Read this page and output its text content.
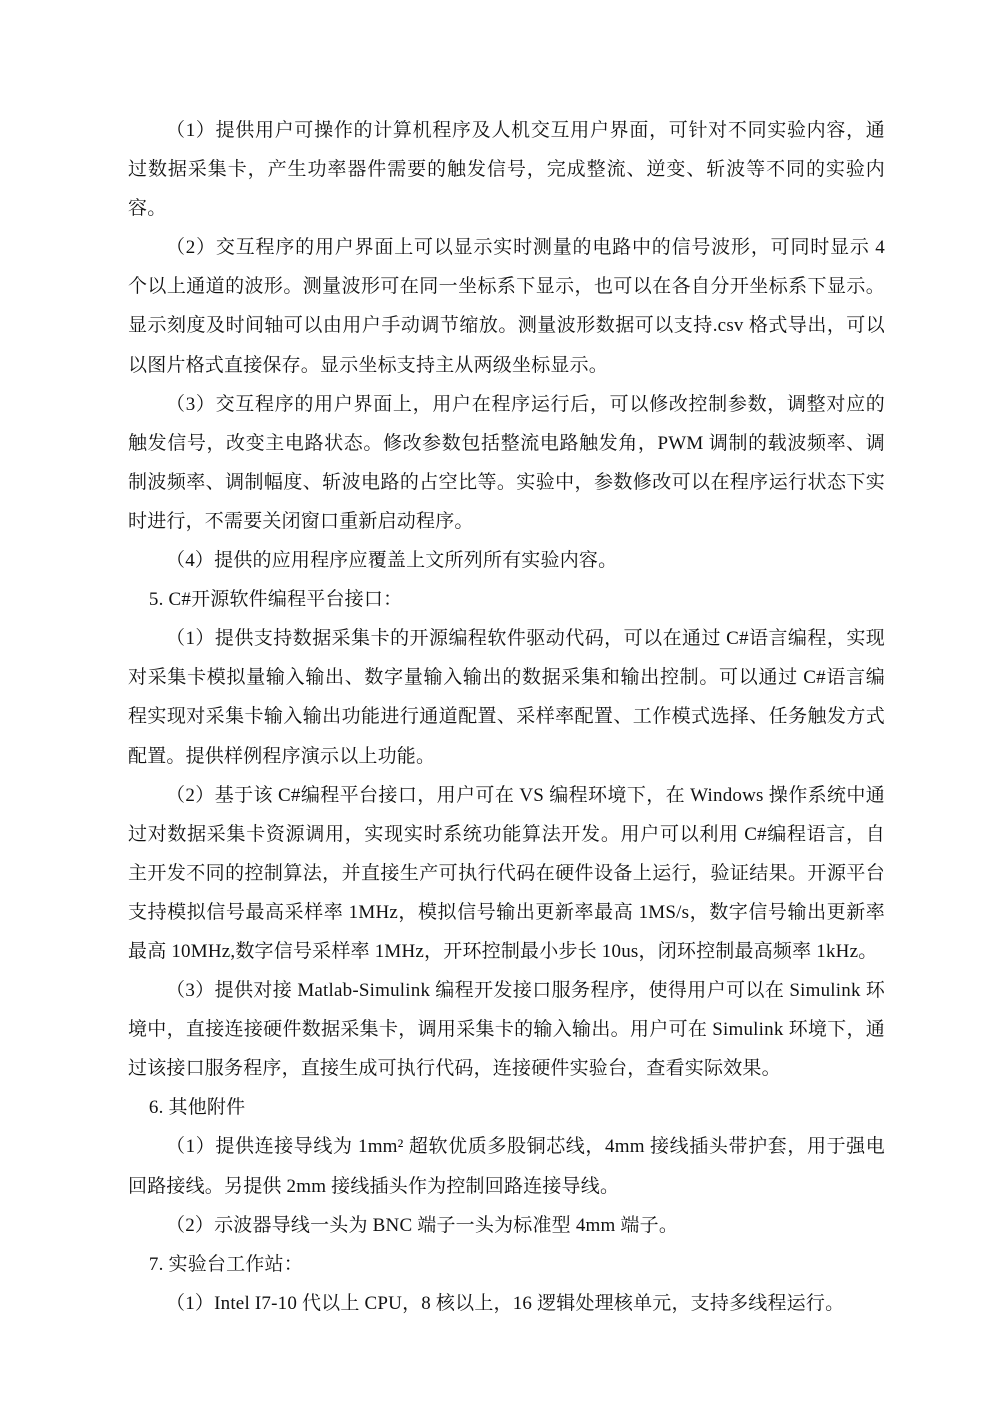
（1）提供用户可操作的计算机程序及人机交互用户界面，可针对不同实验内容，通过数据采集卡，产生功率器件需要的触发信号，完成整流、逆变、斩波等不同的实验内容。

（2）交互程序的用户界面上可以显示实时测量的电路中的信号波形，可同时显示 4 个以上通道的波形。测量波形可在同一坐标系下显示，也可以在各自分开坐标系下显示。显示刻度及时间轴可以由用户手动调节缩放。测量波形数据可以支持.csv 格式导出，可以以图片格式直接保存。显示坐标支持主从两级坐标显示。

（3）交互程序的用户界面上，用户在程序运行后，可以修改控制参数，调整对应的触发信号，改变主电路状态。修改参数包括整流电路触发角，PWM 调制的载波频率、调制波频率、调制幅度、斩波电路的占空比等。实验中，参数修改可以在程序运行状态下实时进行，不需要关闭窗口重新启动程序。

（4）提供的应用程序应覆盖上文所列所有实验内容。

5. C#开源软件编程平台接口：

（1）提供支持数据采集卡的开源编程软件驱动代码，可以在通过 C#语言编程，实现对采集卡模拟量输入输出、数字量输入输出的数据采集和输出控制。可以通过 C#语言编程实现对采集卡输入输出功能进行通道配置、采样率配置、工作模式选择、任务触发方式配置。提供样例程序演示以上功能。

（2）基于该 C#编程平台接口，用户可在 VS 编程环境下，在 Windows 操作系统中通过对数据采集卡资源调用，实现实时系统功能算法开发。用户可以利用 C#编程语言，自主开发不同的控制算法，并直接生产可执行代码在硬件设备上运行，验证结果。开源平台支持模拟信号最高采样率 1MHz，模拟信号输出更新率最高 1MS/s，数字信号输出更新率最高 10MHz,数字信号采样率 1MHz，开环控制最小步长 10us，闭环控制最高频率 1kHz。

（3）提供对接 Matlab-Simulink 编程开发接口服务程序，使得用户可以在 Simulink 环境中，直接连接硬件数据采集卡，调用采集卡的输入输出。用户可在 Simulink 环境下，通过该接口服务程序，直接生成可执行代码，连接硬件实验台，查看实际效果。

6. 其他附件

（1）提供连接导线为 1mm² 超软优质多股铜芯线，4mm 接线插头带护套，用于强电回路接线。另提供 2mm 接线插头作为控制回路连接导线。

（2）示波器导线一头为 BNC 端子一头为标准型 4mm 端子。

7. 实验台工作站：

（1）Intel I7-10 代以上 CPU，8 核以上，16 逻辑处理核单元，支持多线程运行。
